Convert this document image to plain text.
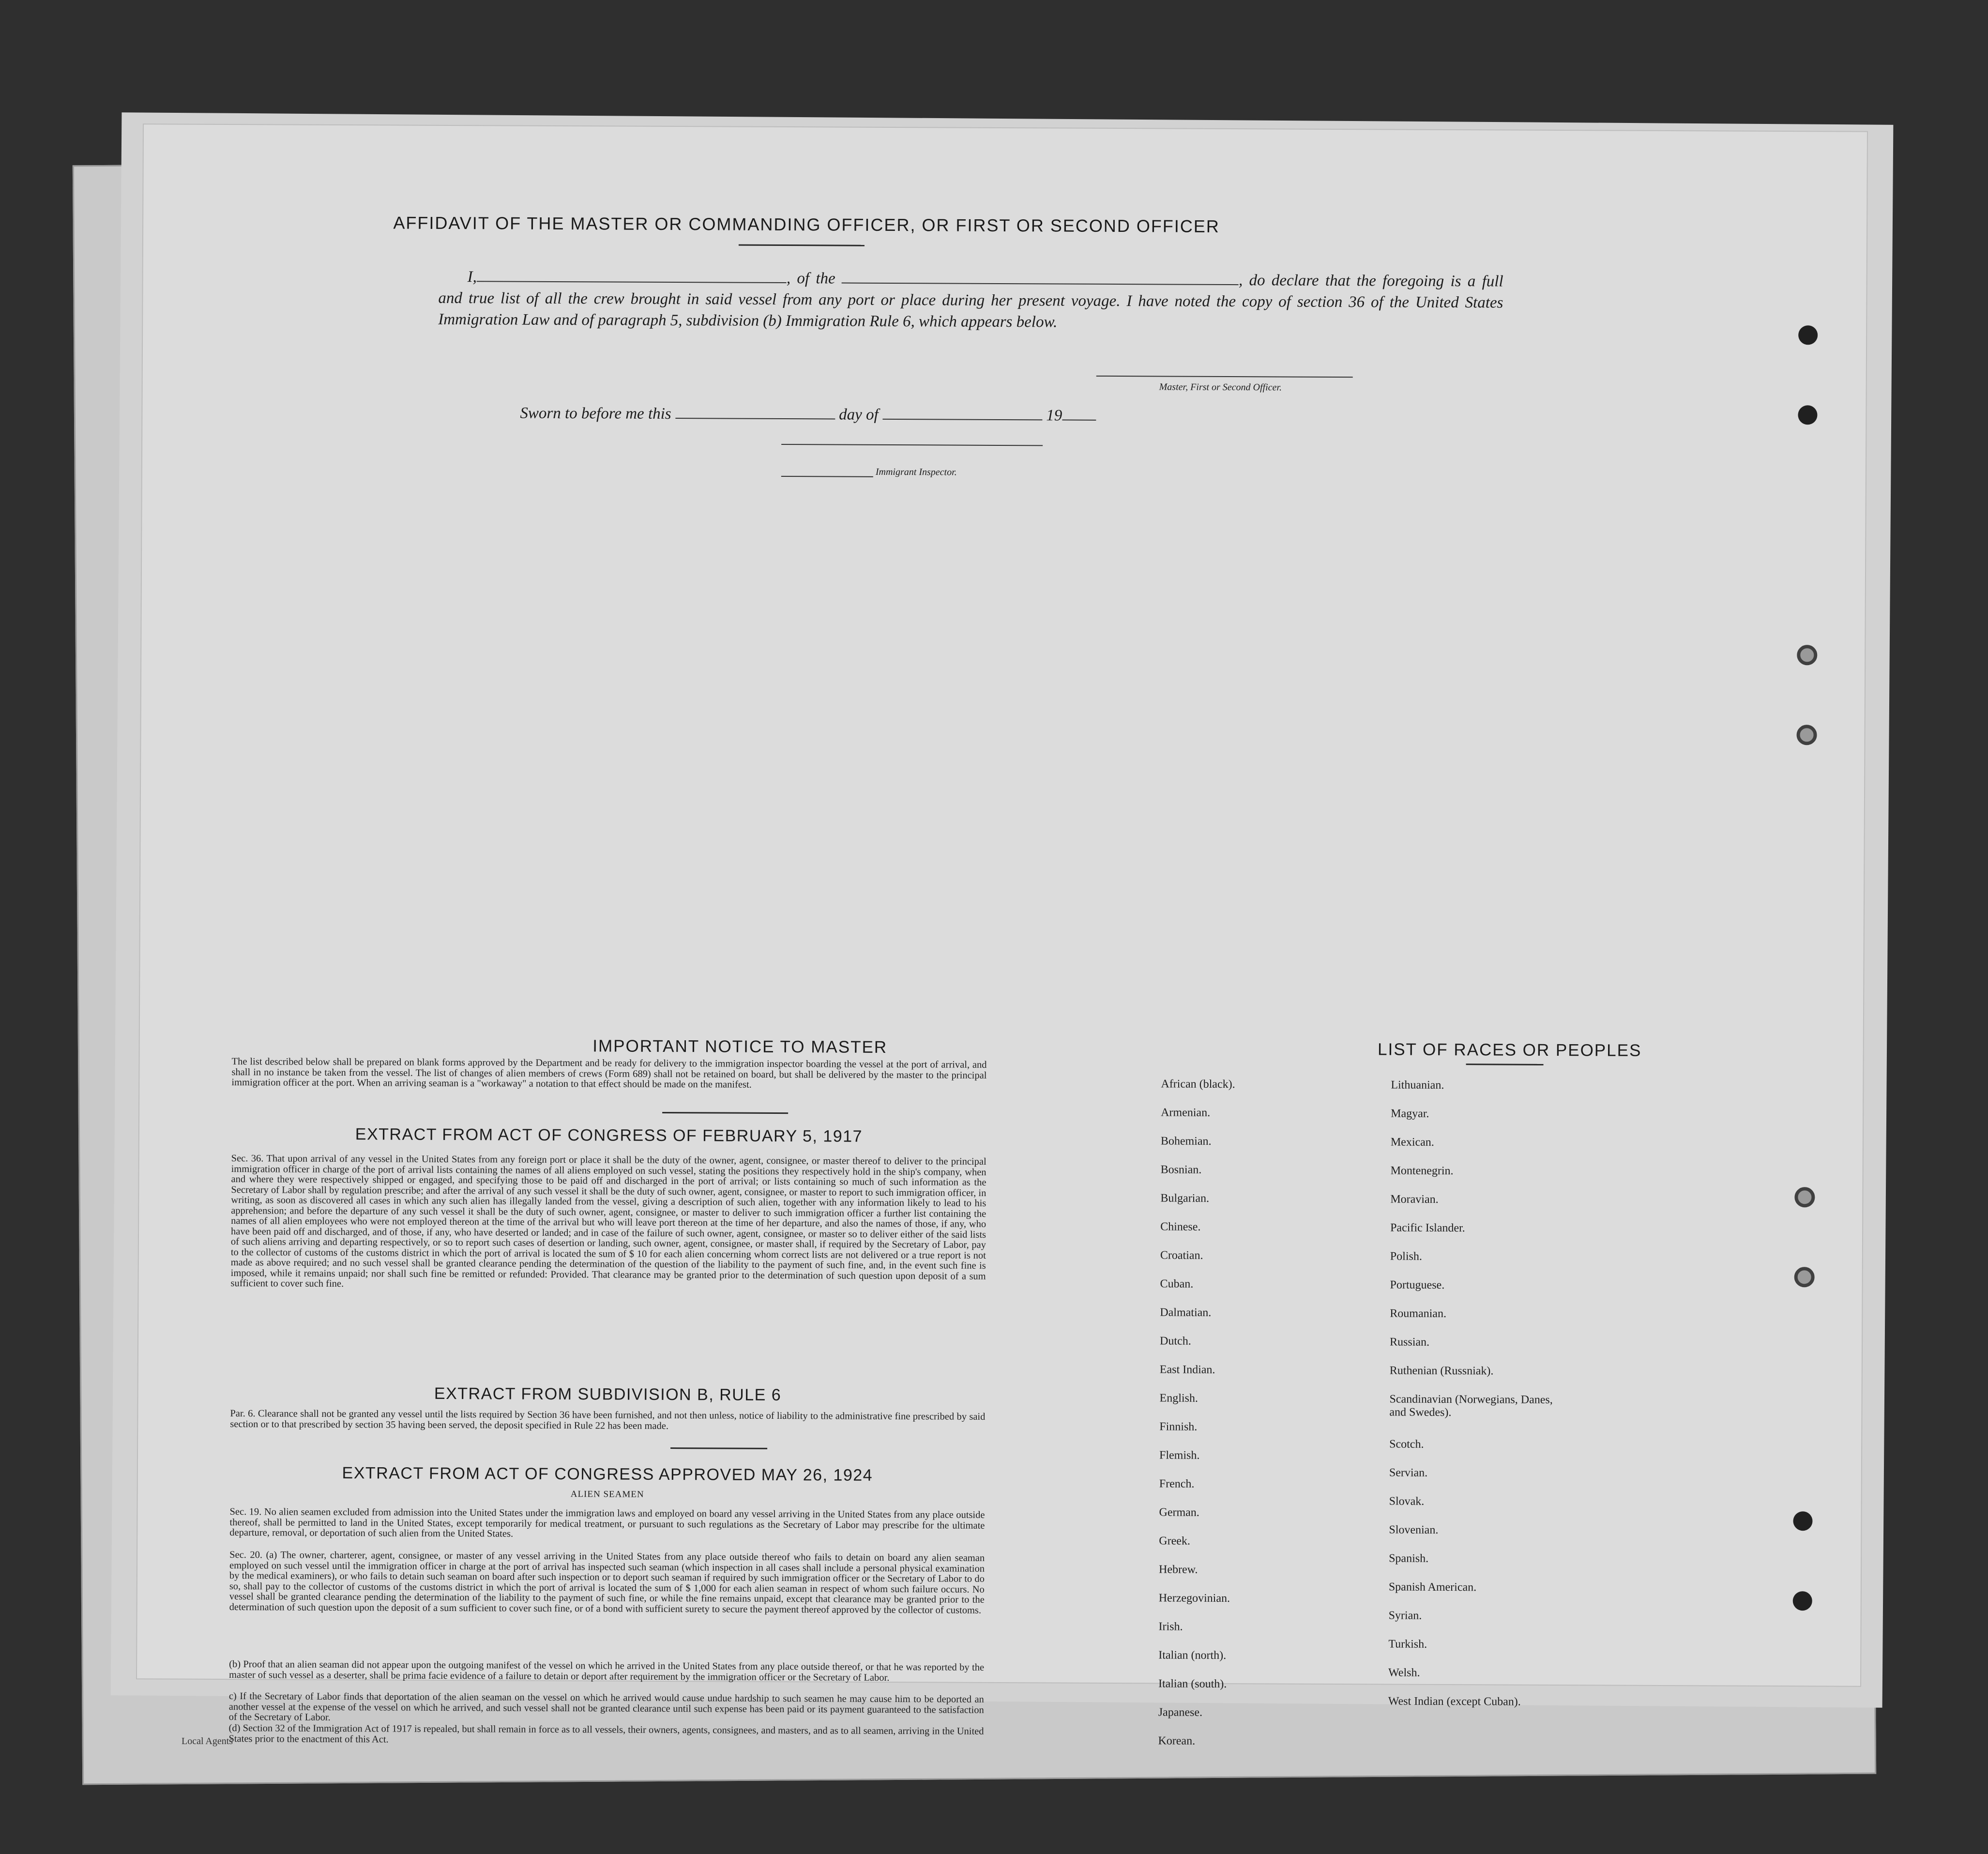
Local Agents
AFFIDAVIT OF THE MASTER OR COMMANDING OFFICER, OR FIRST OR SECOND OFFICER
I,	, of the	, do declare that the foregoing is a full and true list of all the crew brought in said vessel from any port or place during her present voyage. I have noted the copy of section 36 of the United States Immigration Law and of paragraph 5, subdivision (b) Immigration Rule 6, which appears below.
Master, First or Second Officer.
Sworn to before me this	day of	19
Immigrant Inspector.
IMPORTANT NOTICE TO MASTER
The list described below shall be prepared on blank forms approved by the Department and be ready for delivery to the immigration inspector boarding the vessel at the port of arrival, and shall in no instance be taken from the vessel. The list of changes of alien members of crews (Form 689) shall not be retained on board, but shall be delivered by the master to the principal immigration officer at the port. When an arriving seaman is a "workaway" a notation to that effect should be made on the manifest.
EXTRACT FROM ACT OF CONGRESS OF FEBRUARY 5, 1917
Sec. 36. That upon arrival of any vessel in the United States from any foreign port or place it shall be the duty of the owner, agent, consignee, or master thereof to deliver to the principal immigration officer in charge of the port of arrival lists containing the names of all aliens employed on such vessel, stating the positions they respectively hold in the ship's company, when and where they were respectively shipped or engaged, and specifying those to be paid off and discharged in the port of arrival; or lists containing so much of such information as the Secretary of Labor shall by regulation prescribe; and after the arrival of any such vessel it shall be the duty of such owner, agent, consignee, or master to report to such immigration officer, in writing, as soon as discovered all cases in which any such alien has illegally landed from the vessel, giving a description of such alien, together with any information likely to lead to his apprehension; and before the departure of any such vessel it shall be the duty of such owner, agent, consignee, or master to deliver to such immigration officer a further list containing the names of all alien employees who were not employed thereon at the time of the arrival but who will leave port thereon at the time of her departure, and also the names of those, if any, who have been paid off and discharged, and of those, if any, who have deserted or landed; and in case of the failure of such owner, agent, consignee, or master so to deliver either of the said lists of such aliens arriving and departing respectively, or so to report such cases of desertion or landing, such owner, agent, consignee, or master shall, if required by the Secretary of Labor, pay to the collector of customs of the customs district in which the port of arrival is located the sum of $ 10 for each alien concerning whom correct lists are not delivered or a true report is not made as above required; and no such vessel shall be granted clearance pending the determination of the question of the liability to the payment of such fine, and, in the event such fine is imposed, while it remains unpaid; nor shall such fine be remitted or refunded: Provided. That clearance may be granted prior to the determination of such question upon deposit of a sum sufficient to cover such fine.
EXTRACT FROM SUBDIVISION B, RULE 6
Par. 6. Clearance shall not be granted any vessel until the lists required by Section 36 have been furnished, and not then unless, notice of liability to the administrative fine prescribed by said section or to that prescribed by section 35 having been served, the deposit specified in Rule 22 has been made.
EXTRACT FROM ACT OF CONGRESS APPROVED MAY 26, 1924
ALIEN SEAMEN
Sec. 19. No alien seamen excluded from admission into the United States under the immigration laws and employed on board any vessel arriving in the United States from any place outside thereof, shall be permitted to land in the United States, except temporarily for medical treatment, or pursuant to such regulations as the Secretary of Labor may prescribe for the ultimate departure, removal, or deportation of such alien from the United States.
Sec. 20. (a) The owner, charterer, agent, consignee, or master of any vessel arriving in the United States from any place outside thereof who fails to detain on board any alien seaman employed on such vessel until the immigration officer in charge at the port of arrival has inspected such seaman (which inspection in all cases shall include a personal physical examination by the medical examiners), or who fails to detain such seaman on board after such inspection or to deport such seaman if required by such immigration officer or the Secretary of Labor to do so, shall pay to the collector of customs of the customs district in which the port of arrival is located the sum of $ 1,000 for each alien seaman in respect of whom such failure occurs. No vessel shall be granted clearance pending the determination of the liability to the payment of such fine, or while the fine remains unpaid, except that clearance may be granted prior to the determination of such question upon the deposit of a sum sufficient to cover such fine, or of a bond with sufficient surety to secure the payment thereof approved by the collector of customs.
(b) Proof that an alien seaman did not appear upon the outgoing manifest of the vessel on which he arrived in the United States from any place outside thereof, or that he was reported by the master of such vessel as a deserter, shall be prima facie evidence of a failure to detain or deport after requirement by the immigration officer or the Secretary of Labor.
c) If the Secretary of Labor finds that deportation of the alien seaman on the vessel on which he arrived would cause undue hardship to such seamen he may cause him to be deported an another vessel at the expense of the vessel on which he arrived, and such vessel shall not be granted clearance until such expense has been paid or its payment guaranteed to the satisfaction of the Secretary of Labor.
(d) Section 32 of the Immigration Act of 1917 is repealed, but shall remain in force as to all vessels, their owners, agents, consignees, and masters, and as to all seamen, arriving in the United States prior to the enactment of this Act.
LIST OF RACES OR PEOPLES
African (black).
Armenian.
Bohemian.
Bosnian.
Bulgarian.
Chinese.
Croatian.
Cuban.
Dalmatian.
Dutch.
East Indian.
English.
Finnish.
Flemish.
French.
German.
Greek.
Hebrew.
Herzegovinian.
Irish.
Italian (north).
Italian (south).
Japanese.
Korean.
Lithuanian.
Magyar.
Mexican.
Montenegrin.
Moravian.
Pacific Islander.
Polish.
Portuguese.
Roumanian.
Russian.
Ruthenian (Russniak).
Scandinavian (Norwegians, Danes, and Swedes).
Scotch.
Servian.
Slovak.
Slovenian.
Spanish.
Spanish American.
Syrian.
Turkish.
Welsh.
West Indian (except Cuban).
